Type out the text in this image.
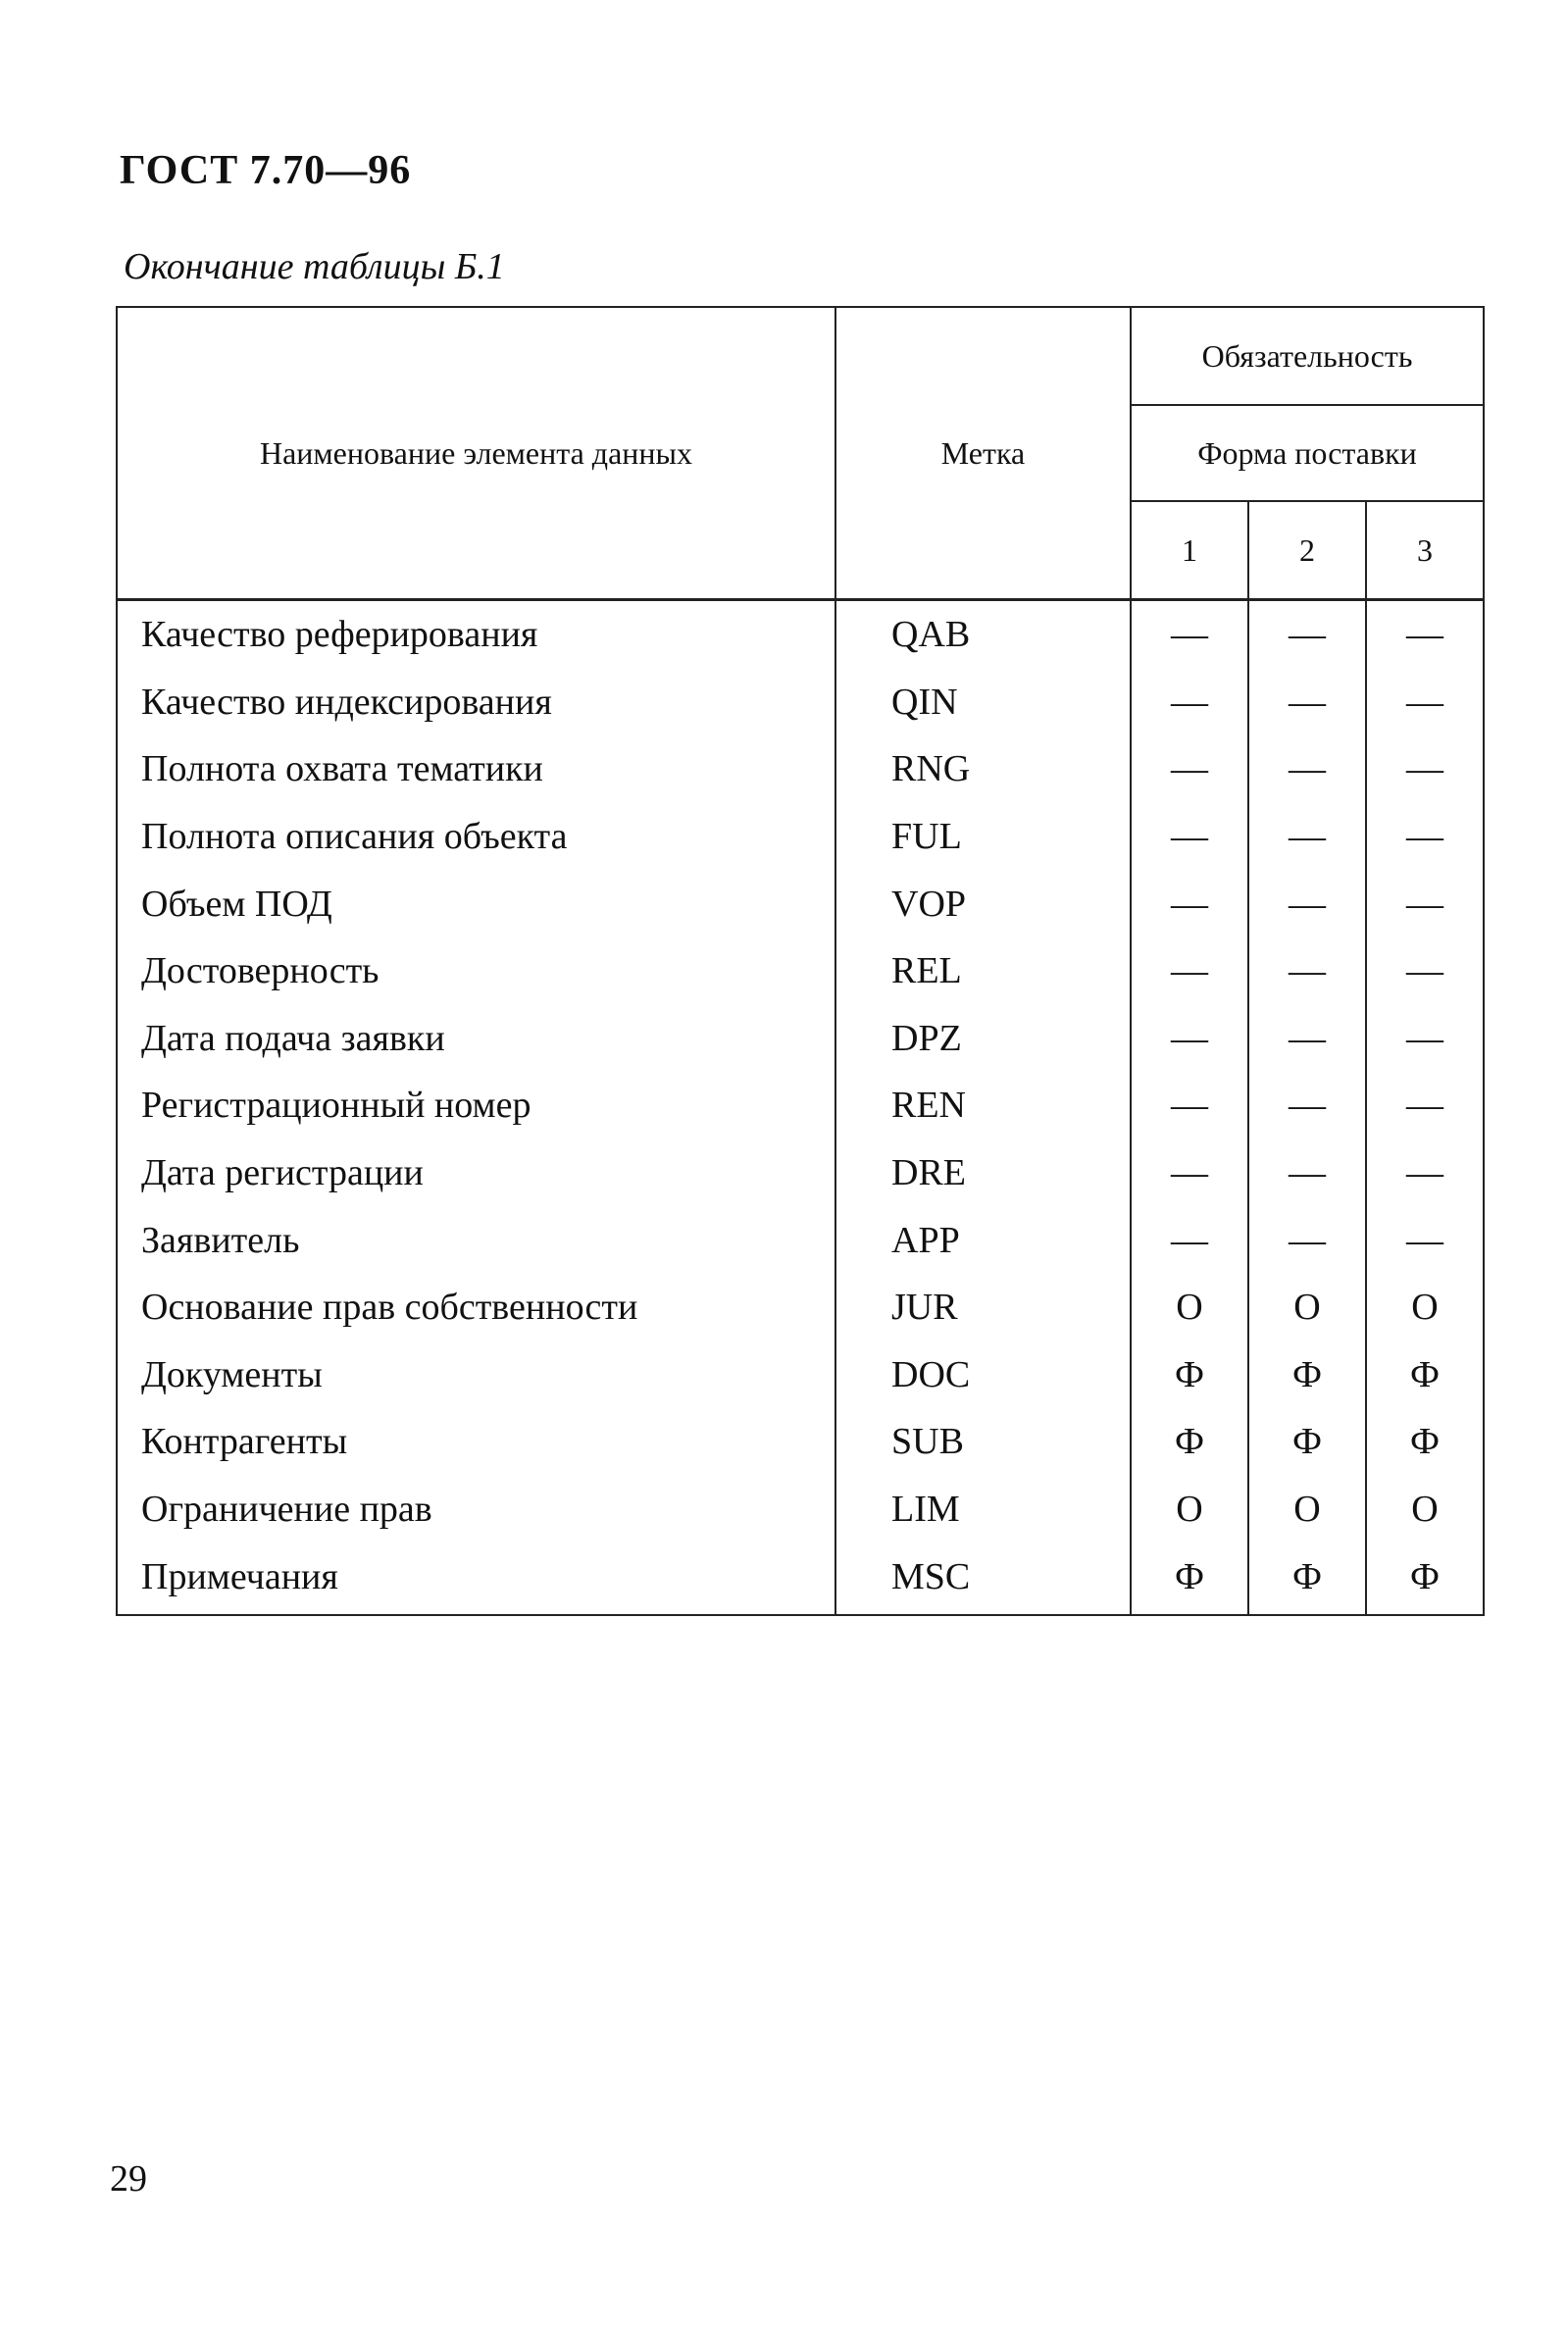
ГОСТ 7.70—96
Окончание таблицы Б.1
Наименование элемента данных	Метка	Обязательность		
		Форма поставки		
		1	2	3
Качество реферирования	QAB	—	—	—
Качество индексирования	QIN	—	—	—
Полнота охвата тематики	RNG	—	—	—
Полнота описания объекта	FUL	—	—	—
Объем ПОД	VOP	—	—	—
Достоверность	REL	—	—	—
Дата подача заявки	DPZ	—	—	—
Регистрационный номер	REN	—	—	—
Дата регистрации	DRE	—	—	—
Заявитель	APP	—	—	—
Основание прав собственности	JUR	О	О	О
Документы	DOC	Ф	Ф	Ф
Контрагенты	SUB	Ф	Ф	Ф
Ограничение прав	LIM	О	О	О
Примечания	MSC	Ф	Ф	Ф
29
